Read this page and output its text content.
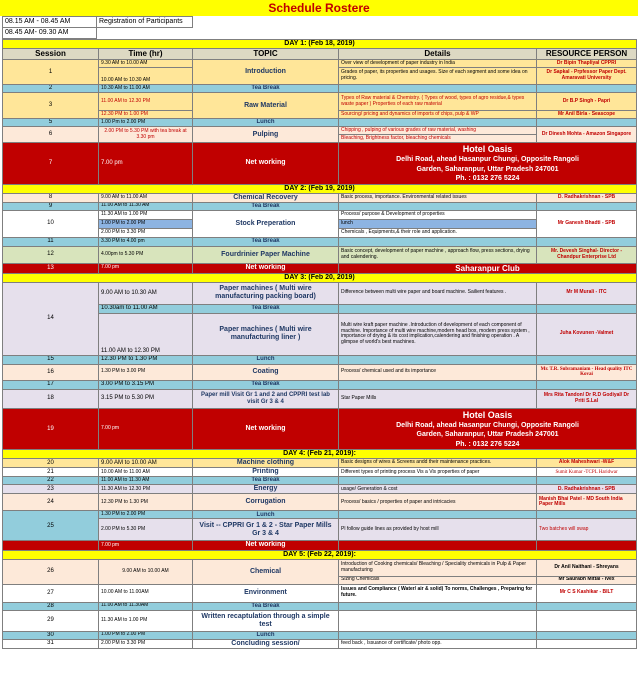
Schedule Rostere
08.15 AM - 08.45 AM	Registration of Participants	
08.45 AM- 09.30 AM		
DAY 1: (Feb 18, 2019)				
Session	Time (hr)	TOPIC	Details	RESOURCE PERSON
1	9.30 AM to 10.00 AM	Introduction	Over view of development of paper industry in India	Dr Bipin Thapliyal CPPRI
	10.00 AM to 10.30 AM		Grades of paper, its properties and usages. Size of each segment and some idea on pricing.	Dr Sapkal - Prpfessor Paper Dept. Amaravati University
2	10.30 AM to 11.00 AM	Tea Break		
3	11.00 AM to 12.30 PM	Raw Material	Types of Raw material & Chemistry. ( Types of wood, types of agro residue,& types waste paper ) Properties of each raw material	Dr B.P Singh - Papri
	12.30 PM to 1.00 PM		Sourcing/ pricing and dynamics of imports of chips, pulp & WP	Mr Anil Birla - Seascope
5	1.00 Pm to 2.00 PM	Lunch		
6	2.00 PM to 5.30 PM with tea break at 3.30 pm	Pulping	Chipping , pulping of various grades of raw material, washing	Dr Dinesh Mohta - Amazon Singapore
			Bleaching, Brightness factor, bleaching chemicals	
7	7.00 pm	Net working	Hotel Oasis
Delhi Road, ahead Hasanpur Chungi, Opposite Rangoli
Garden, Saharanpur, Uttar Pradesh 247001
Ph. : 0132 276 5224	

DAY 2: (Feb 19, 2019)				
8	9.00 AM to 11.00 AM	Chemical Recovery	Basic process, importance. Environmental related issues	D. Radhakrishnan - SPB
9	11.00 AM to 11.30 AM	Tea Break		
10	11.30 AM to 1.00 PM	Stock Preperation	Process/ purpose & Development of properties	Mr Ganesh Bhadti - SPB
	1.00 PM to 2.00 PM		lunch	
	2.00 PM to 3.30 PM		Chemicals , Equipments,& their role and application.	
11	3.30 PM to 4.00 pm	Tea Break		
12	4.00pm to 5.30 PM	Fourdrinier Paper Machine	Basic concept, development of paper machine , approach flow, press sections, drying and calendering.	Mr. Devesh Singhal- Director - Chandpur Enterprise Ltd
13	7.00 pm	Net working	Saharanpur Club	
DAY 3: (Feb 20, 2019)				
14	9.00 AM to 10.30 AM	Paper machines ( Multi wire manufacturing packing board)	Difference between multi wire paper and board machine. Sailient features .	Mr M Murali - ITC
	10.30am to 11.00 AM	Tea Break		
	11.00 AM to 12.30 PM	Paper machines ( Multi wire manufacturing liner )	Multi wire kraft paper machine .Introduction of development of each component of machine. Importance of multi wire machine,modern head box, modern press system , importance of drying & its cost implication,calendering and finishing operation . A glimpse of world's best machines.	Juha Kovunen -Valmet
15	12.30 PM to 1.30 PM	Lunch		
16	1.30 PM to 3.00 PM	Coating	Process/ chemical used and its importance	Mr. T.R. Subramaniam - Head quality ITC Kovai
17	3.00 PM to 3.15 PM	Tea Break		
18	3.15 PM to 5.30 PM	Paper mill Visit Gr 1 and 2 and CPPRI test lab visit Gr 3 & 4	Star Paper Mills	Mrs Rita Tandon/ Dr R.D Godiyal/ Dr Priti S.Lal
19	7.00 pm	Net working	Hotel Oasis
Delhi Road, ahead Hasanpur Chungi, Opposite Rangoli
Garden, Saharanpur, Uttar Pradesh 247001
Ph. : 0132 276 5224	

DAY 4: (Feb 21, 2019):				
20	9.00 AM to 10.00 AM	Machine clothing	Basic designs of wires & Screens andd their maintenance practices.	Alok Maheshwari -W&F
21	10.00 AM to 11.00 AM	Printing	Different types of printing process Vis a Vis properties of paper	Sumit Kumar -TCPL Haridwar
22	11.00 AM to 11.30 AM	Tea Break		
23	11.30 AM to 12.30 PM	Energy	usage/ Generation & cost	D. Radhakrishnan - SPB
24	12.30 PM to 1.30 PM	Corrugation	Process/ basics / properties of paper and intricacies	Manish Bhai Patel - MD South India Paper Mills
25	1.30 PM to 2.00 PM	Lunch		
	2.00 PM to 5.30 PM	Visit -- CPPRI Gr 1 & 2 - Star Paper Mills Gr 3 & 4	Pl follow guide lines as provided by host mill	Two batches will swap
	7.00 pm	Net working		
DAY 5: (Feb 22, 2019):				
26	9.00 AM to 10.00 AM	Chemical	Introduction of Cooking chemicals/ Bleaching / Speciality chemicals in Pulp & Paper manufacturing	Dr Anil Naithani - Shreyans
			Sizing Chemicals	Mr Saurabh Mittal - Ivex
27	10.00 AM to 11.00AM	Environment	Issues and Compliance ( Water/ air & solid) To norms, Challenges , Preparing for future.	Mr C S Kashikar - BILT
28	11.00 AM to 11.30AM	Tea Break		
29	11.30 AM to 1.00 PM	Written recaptulation through a simple test		
30	1.00 PM to 2.00 PM	Lunch		
31	2.00 PM to 3.30 PM	Concluding session/	feed back , Issuance of certificate/ photo opp.	
